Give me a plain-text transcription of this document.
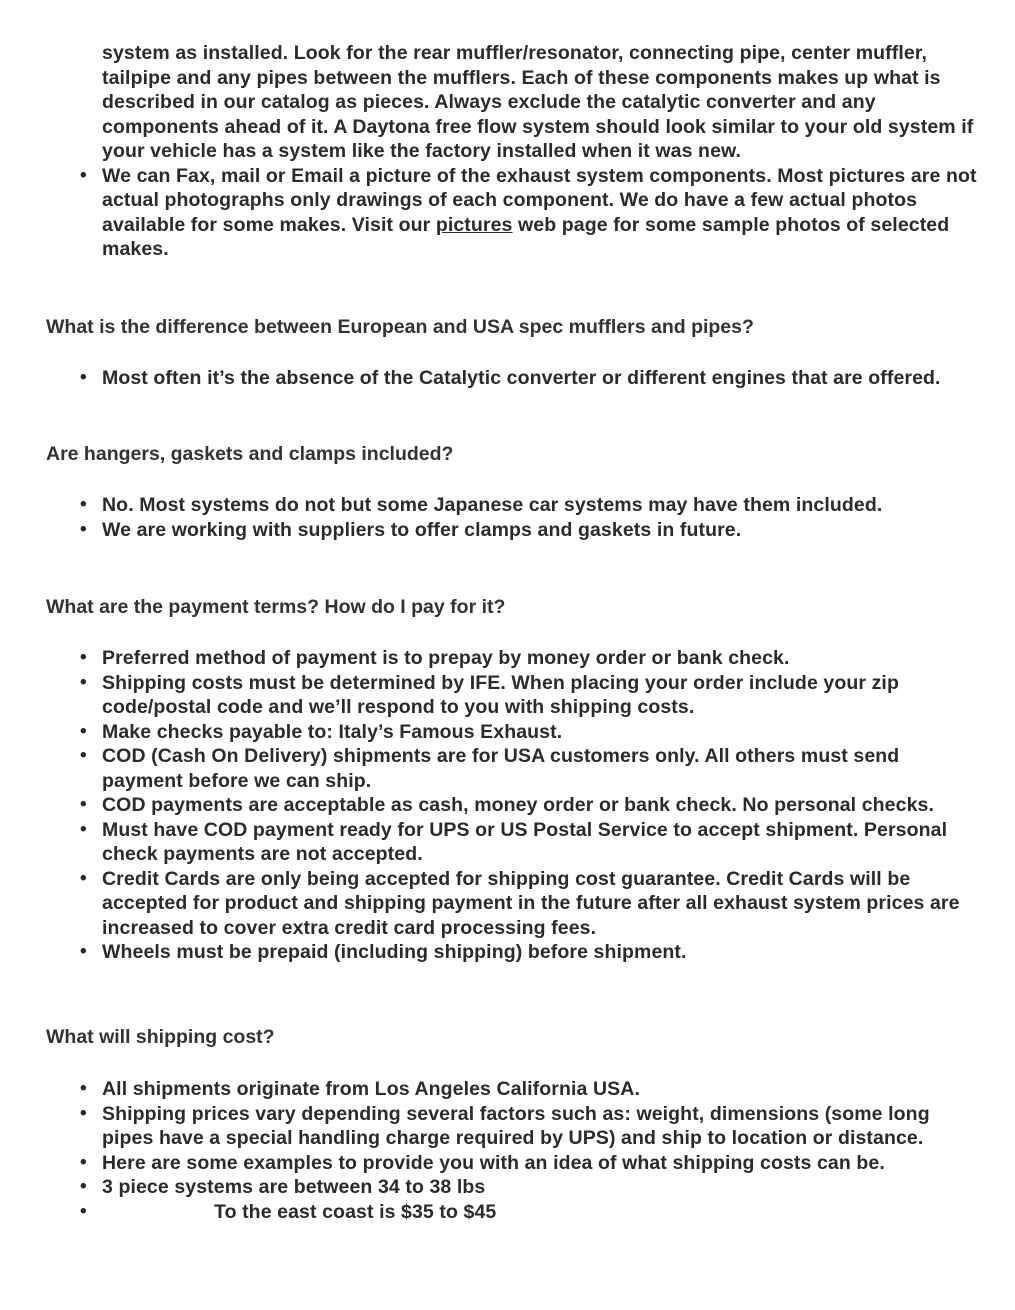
system as installed. Look for the rear muffler/resonator, connecting pipe, center muffler, tailpipe and any pipes between the mufflers. Each of these components makes up what is described in our catalog as pieces. Always exclude the catalytic converter and any components ahead of it. A Daytona free flow system should look similar to your old system if your vehicle has a system like the factory installed when it was new.
• We can Fax, mail or Email a picture of the exhaust system components. Most pictures are not actual photographs only drawings of each component. We do have a few actual photos available for some makes. Visit our pictures web page for some sample photos of selected makes.

What is the difference between European and USA spec mufflers and pipes?

• Most often it’s the absence of the Catalytic converter or different engines that are offered.

Are hangers, gaskets and clamps included?

• No. Most systems do not but some Japanese car systems may have them included.
• We are working with suppliers to offer clamps and gaskets in future.

What are the payment terms? How do I pay for it?

• Preferred method of payment is to prepay by money order or bank check.
• Shipping costs must be determined by IFE. When placing your order include your zip code/postal code and we’ll respond to you with shipping costs.
• Make checks payable to: Italy’s Famous Exhaust.
• COD (Cash On Delivery) shipments are for USA customers only. All others must send payment before we can ship.
• COD payments are acceptable as cash, money order or bank check. No personal checks.
• Must have COD payment ready for UPS or US Postal Service to accept shipment. Personal check payments are not accepted.
• Credit Cards are only being accepted for shipping cost guarantee. Credit Cards will be accepted for product and shipping payment in the future after all exhaust system prices are increased to cover extra credit card processing fees.
• Wheels must be prepaid (including shipping) before shipment.

What will shipping cost?

• All shipments originate from Los Angeles California USA.
• Shipping prices vary depending several factors such as: weight, dimensions (some long pipes have a special handling charge required by UPS) and ship to location or distance.
• Here are some examples to provide you with an idea of what shipping costs can be.
• 3 piece systems are between 34 to 38 lbs
• To the east coast is $35 to $45
